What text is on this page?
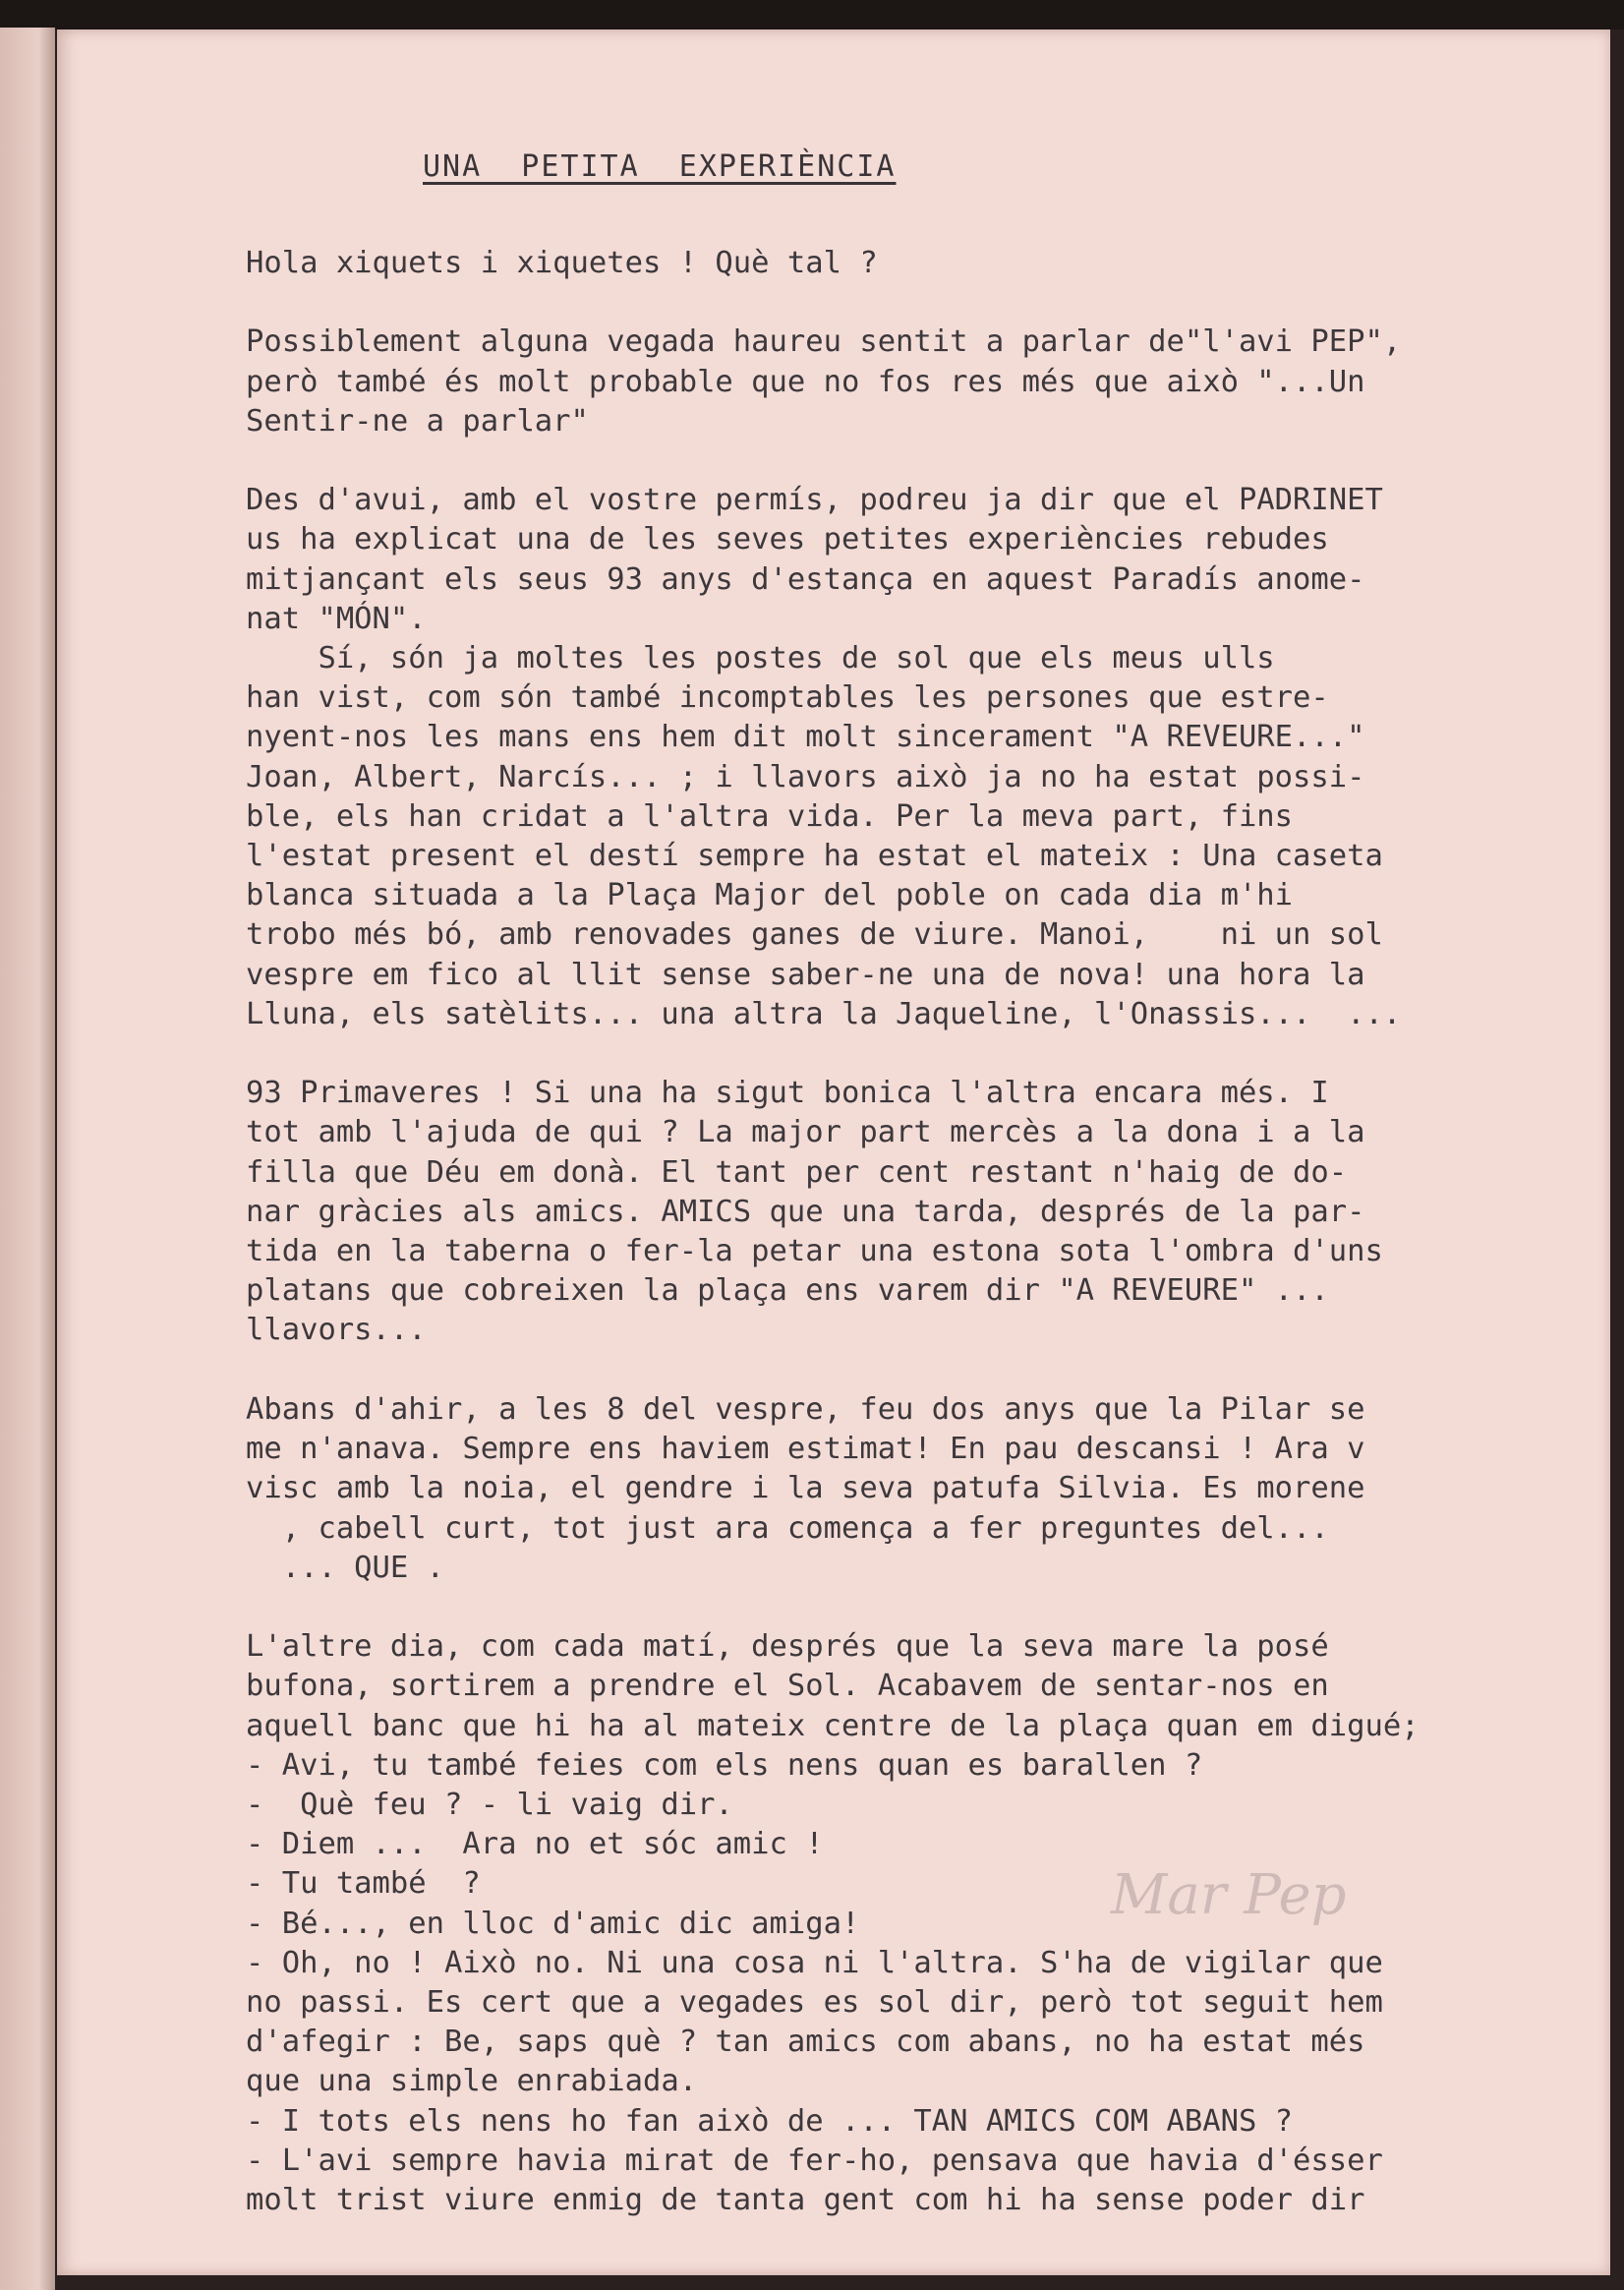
UNA  PETITA  EXPERIÈNCIA
Hola xiquets i xiquetes ! Què tal ?

Possiblement alguna vegada haureu sentit a parlar de"l'avi PEP",
però també és molt probable que no fos res més que això "...Un
Sentir-ne a parlar"

Des d'avui, amb el vostre permís, podreu ja dir que el PADRINET
us ha explicat una de les seves petites experiències rebudes
mitjançant els seus 93 anys d'estança en aquest Paradís anome-
nat "MÓN".
Sí, són ja moltes les postes de sol que els meus ulls
han vist, com són també incomptables les persones que estre-
nyent-nos les mans ens hem dit molt sincerament "A REVEURE..."
Joan, Albert, Narcís... ; i llavors això ja no ha estat possi-
ble, els han cridat a l'altra vida. Per la meva part, fins
l'estat present el destí sempre ha estat el mateix : Una caseta
blanca situada a la Plaça Major del poble on cada dia m'hi
trobo més bó, amb renovades ganes de viure. Manoi,    ni un sol
vespre em fico al llit sense saber-ne una de nova! una hora la
Lluna, els satèlits... una altra la Jaqueline, l'Onassis...  ...

93 Primaveres ! Si una ha sigut bonica l'altra encara més. I
tot amb l'ajuda de qui ? La major part mercès a la dona i a la
filla que Déu em donà. El tant per cent restant n'haig de do-
nar gràcies als amics. AMICS que una tarda, després de la par-
tida en la taberna o fer-la petar una estona sota l'ombra d'uns
platans que cobreixen la plaça ens varem dir "A REVEURE" ...
llavors...

Abans d'ahir, a les 8 del vespre, feu dos anys que la Pilar se
me n'anava. Sempre ens haviem estimat! En pau descansi ! Ara v
visc amb la noia, el gendre i la seva patufa Silvia. Es morene
, cabell curt, tot just ara comença a fer preguntes del...
... QUE .

L'altre dia, com cada matí, després que la seva mare la posé
bufona, sortirem a prendre el Sol. Acabavem de sentar-nos en
aquell banc que hi ha al mateix centre de la plaça quan em digué;
- Avi, tu també feies com els nens quan es barallen ?
-  Què feu ? - li vaig dir.
- Diem ...  Ara no et sóc amic !
- Tu també  ?
- Bé..., en lloc d'amic dic amiga!
- Oh, no ! Això no. Ni una cosa ni l'altra. S'ha de vigilar que
no passi. Es cert que a vegades es sol dir, però tot seguit hem
d'afegir : Be, saps què ? tan amics com abans, no ha estat més
que una simple enrabiada.
- I tots els nens ho fan això de ... TAN AMICS COM ABANS ?
- L'avi sempre havia mirat de fer-ho, pensava que havia d'ésser
molt trist viure enmig de tanta gent com hi ha sense poder dir
Mar Pep
